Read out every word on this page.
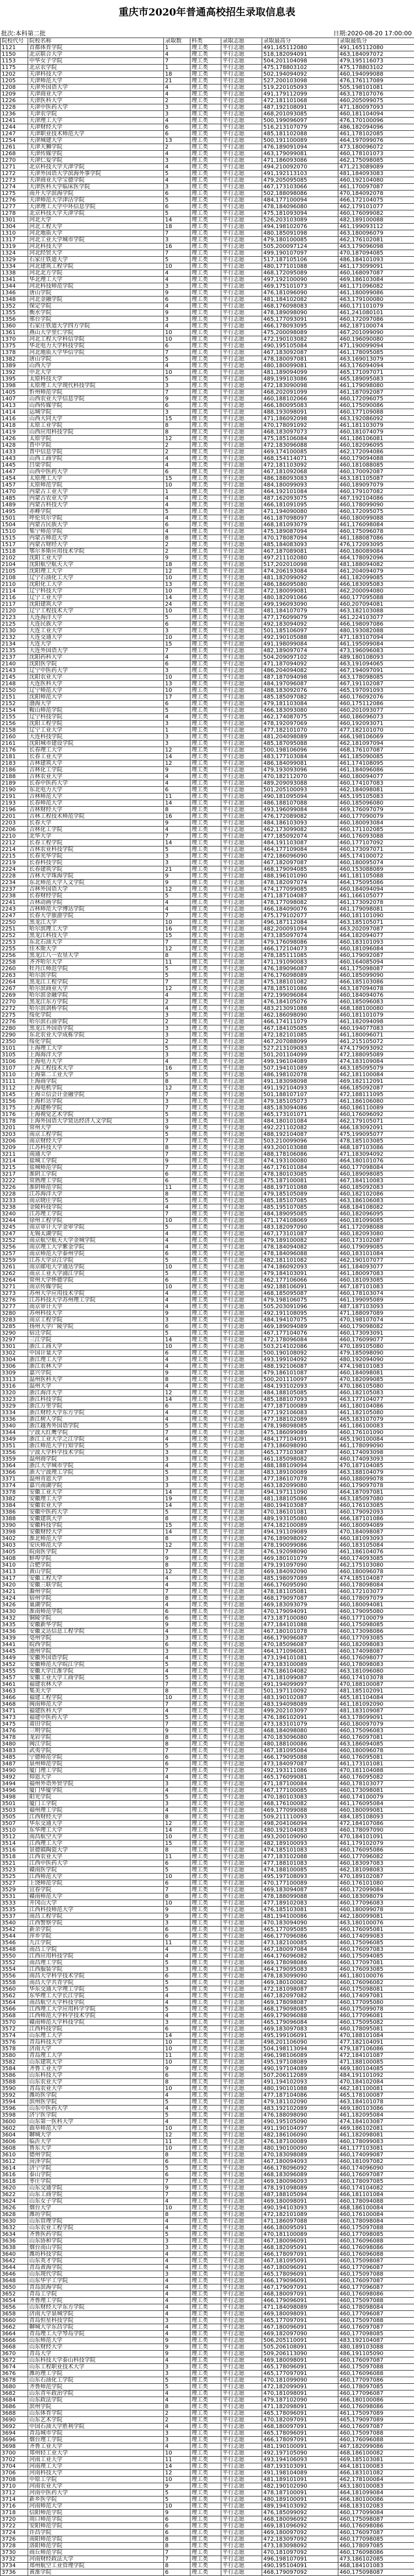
重庆市2020年普通高校招生录取信息表
批次:本科第二批	日期:2020-08-20 17:00:00
院校代号	院校名称	录取数	科类	录取志愿	录取最高分	录取最低分
1121	首都体育学院	1	理工类	平行志愿	491,165112080	491,165112080
1150	北京联合大学	4	理工类	平行志愿	518,182094091	463,184097072
1153	中华女子学院	7	理工类	平行志愿	504,201104098	479,195116073
1175	北京农学院	1	理工类	平行志愿	475,178803102	475,178803102
1202	天津科技大学	18	理工类	平行志愿	502,194094092	460,194099088
1205	天津师范大学	21	理工类	平行志愿	527,200103098	476,176117089
1208	天津外国语大学	4	理工类	平行志愿	519,220105093	505,198101081
1209	天津商业大学	4	理工类	平行志愿	491,179112099	463,178107076
1226	天津医科大学	2	理工类	平行志愿	472,181101068	460,205099075
1228	天津中医药大学	3	理工类	平行志愿	487,192108091	471,180097093
1236	天津农学院	3	理工类	平行志愿	468,201093085	460,181104094
1241	天津理工大学	4	理工类	平行志愿	500,199096097	476,170100096
1244	天津财经大学	6	理工类	平行志愿	516,213107079	486,182094096
1247	天津职业技术师范大学	6	理工类	平行志愿	485,181102088	461,178102085
1254	天津城建大学	13	理工类	平行志愿	500,191100089	464,197099076
1261	天津天狮学院	2	理工类	平行志愿	476,189091094	473,180096072
1268	天津传媒学院	4	理工类	平行志愿	463,179099081	460,178101073
1270	天津仁爱学院	3	理工类	平行志愿	471,186093086	462,175098085
1271	北京科技大学天津学院	4	理工类	平行志愿	494,210092070	471,213089089
1272	天津外国语大学滨海外事学院	5	理工类	平行志愿	491,192113103	481,184093083
1273	天津商业大学宝德学院	4	理工类	平行志愿	479,205095085	460,192104080
1274	天津医科大学临床医学院	3	理工类	平行志愿	467,173103066	461,170097087
1275	南开大学滨海学院	6	理工类	平行志愿	502,188098086	470,184092078
1276	天津师范大学津沽学院	5	理工类	平行志愿	484,177100094	466,172104075
1277	天津理工大学中环信息学院	6	理工类	平行志愿	478,184096080	462,179101077
1278	北京科技大学天津学院	5	理工类	平行志愿	475,181093094	460,176099082
1301	河北大学	14	理工类	平行志愿	526,203103089	482,189100088
1304	河北工程大学	18	理工类	平行志愿	494,198102076	461,199093112
1310	河北地质大学	7	理工类	平行志愿	480,185091098	463,180096079
1317	河北工业大学城市学院	3	理工类	平行志愿	479,180100085	462,176102081
1319	河北科技大学	16	理工类	平行志愿	505,200097124	463,179096098
1324	河北经贸大学	7	理工类	平行志愿	499,190107097	470,187094085
1329	石家庄铁道大学	5	理工类	平行志愿	517,187105106	486,184101093
1334	河北建筑工程学院	10	理工类	平行志愿	480,177101088	461,173099091
1338	河北北方学院	4	理工类	平行志愿	468,172095089	460,168097087
1341	华北理工大学	4	理工类	平行志愿	497,192100090	469,186103084
1344	河北科技师范学院	3	理工类	平行志愿	469,175101073	461,171096082
1346	唐山学院	9	理工类	平行志愿	476,181096090	461,180099086
1348	河北金融学院	6	理工类	平行志愿	481,184102082	463,179100080
1352	保定学院	4	理工类	平行志愿	468,176098083	460,171101079
1355	衡水学院	9	理工类	平行志愿	478,189098090	461,241080101
1356	邢台学院	3	理工类	平行志愿	465,177093091	460,172097086
1360	石家庄铁道大学四方学院	4	理工类	平行志愿	466,178093095	462,187100074
1361	燕山大学里仁学院	10	理工类	平行志愿	475,200098089	467,201099090
1370	河北工程大学科信学院	10	理工类	平行志愿	472,190103082	460,196090080
1375	华北电力大学科技学院	6	理工类	平行志愿	490,195105084	471,190099094
1378	河北地质大学华信学院	7	理工类	平行志愿	467,183092087	461,178095085
1382	唐山学院	5	理工类	平行志愿	478,180097081	463,169013079
1389	山西大学	4	理工类	平行志愿	480,180099081	463,176094094
1392	中北大学	10	理工类	平行志愿	481,189094099	465,171097071
1395	太原科技大学	5	理工类	平行志愿	489,199103086	465,189095083
1398	太原理工大学现代科技学院	3	理工类	平行志愿	472,183090098	461,179098080
1405	忻州师范学院	7	理工类	平行志愿	468,202091099	461,187092087
1407	山西农业大学信息学院	9	理工类	平行志愿	460,188102066	460,172096075
1413	山西传媒学院	6	理工类	平行志愿	466,180095083	460,175090086
1414	运城学院	3	理工类	平行志愿	488,193098091	460,177109088
1416	山西大同大学	15	理工类	平行志愿	471,186092098	463,192086092
1418	太原工业学院	8	理工类	平行志愿	470,178091092	461,181103079
1419	山西应用科技学院	8	理工类	平行志愿	468,183097073	460,181074079
1426	太原学院	12	理工类	平行志愿	475,185106084	461,186106081
1428	晋中学院	2	理工类	平行志愿	472,183096088	460,182096095
1433	晋中信息学院	2	理工类	平行志愿	469,174100085	462,172094086
1443	山西工商学院	4	理工类	平行志愿	468,154114071	460,179094088
1445	吕梁学院	4	理工类	平行志愿	472,181103092	460,181088085
1447	山西中医药大学	6	理工类	平行志愿	467,181092068	460,170092087
1454	太原理工大学	15	理工类	平行志愿	486,188093083	463,181105087
1457	太原师范学院	10	理工类	平行志愿	484,180099093	460,189097079
1470	内蒙古工业大学	1	理工类	平行志愿	464,192101084	460,179107082
1485	内蒙古农业大学	4	理工类	平行志愿	487,162093075	467,192104086
1489	内蒙古科技大学	4	理工类	平行志愿	466,181091095	460,178099090
1495	赤峰学院	5	理工类	平行志愿	471,194090080	460,172095075
1501	呼伦贝尔学院	4	理工类	平行志愿	461,187098097	460,180099088
1504	内蒙古民族大学	6	理工类	平行志愿	468,181093079	461,176098084
1510	集宁师范学院	4	理工类	平行志愿	475,189087094	460,175096078
1515	内蒙古师范大学	8	理工类	平行志愿	470,178087094	461,188087086
1517	内蒙古财经大学	2	理工类	平行志愿	485,184083093	476,172093095
1518	鄂尔多斯应用技术学院	2	理工类	平行志愿	467,187089081	460,180089084
2102	沈阳工业大学	9	理工类	平行志愿	497,211102080	464,178092096
2104	沈阳航空航天大学	18	理工类	平行志愿	517,202010098	481,188094082
2105	沈阳理工大学	12	理工类	平行志愿	474,206193084	461,204094079
2108	辽宁石油化工大学	10	理工类	平行志愿	481,182099092	461,182099085
2110	沈阳化工大学	13	理工类	平行志愿	486,186095080	466,183095083
2114	辽宁科技大学	10	理工类	平行志愿	472,180099081	462,200094080
2116	辽宁工业大学	14	理工类	平行志愿	480,182091066	460,177095088
2117	沈阳建筑大学	24	理工类	平行志愿	499,196093090	460,207094081
2120	辽宁工程技术大学	10	理工类	平行志愿	481,184107079	463,182103088
2123	大连海洋大学	5	理工类	平行志愿	477,176099079	461,224103077
2125	大连民族大学	6	理工类	平行志愿	492,183094092	466,198097086
2130	大连工业大学	3	理工类	平行志愿	501,185106097	480,193082088
2132	大连交通大学	10	理工类	平行志愿	492,190105088	471,183107094
2134	大连大学	15	理工类	平行志愿	491,198099084	461,195099084
2135	大连外国语大学	7	理工类	平行志愿	482,189097074	473,196096083
2137	沈阳药科大学	4	理工类	平行志愿	504,209097102	489,180108093
2140	沈阳医学院	6	理工类	平行志愿	471,187094092	463,191094065
2143	辽宁中医药大学	3	理工类	平行志愿	486,204094082	467,194097091
2145	沈阳农业大学	10	理工类	平行志愿	487,187094098	463,178098085
2148	大连医科大学	13	理工类	平行志愿	484,197096087	467,191102087
2150	辽宁师范大学	10	理工类	平行志愿	488,183092076	465,197091093
2151	沈阳师范大学	17	理工类	平行志愿	485,185097082	460,176092076
2152	渤海大学	6	理工类	平行志愿	479,181103084	460,175112086
2154	鞍山师范学院	5	理工类	平行志愿	466,183093080	460,201093077
2155	辽宁科技学院	4	理工类	平行志愿	462,174087075	460,186096073
2156	沈阳工程学院	3	理工类	平行志愿	478,192097069	460,192093071
2158	辽宁工业大学	1	理工类	平行志愿	477,182101070	477,182101070
2160	大连科技学院	3	理工类	平行志愿	481,204098089	466,198106069
2161	沈阳城市建设学院	3	理工类	平行志愿	485,187095088	462,181097094
2176	长春理工大学	12	理工类	平行志愿	500,198106096	468,176107087
2181	长春工业大学	14	理工类	平行志愿	483,177103084	461,185090085
2183	吉林建筑大学	12	理工类	平行志愿	486,184099081	461,174108095
2186	吉林化工学院	9	理工类	平行志愿	479,193093096	461,184096086
2188	吉林农业大学	4	理工类	平行志愿	470,182112070	460,180094077
2189	长春中医药大学	4	理工类	平行志愿	489,209093088	460,174107083
2190	东北电力大学	6	理工类	平行志愿	501,205100093	462,184098081
2191	吉林师范大学	11	理工类	平行志愿	490,181095094	465,195105083
2193	长春师范大学	14	理工类	平行志愿	486,188107088	460,185096080
2196	吉林财经大学	8	理工类	平行志愿	493,196099084	469,176097079
2201	吉林工程技术师范学院	16	理工类	平行志愿	476,172089082	460,177090079
2203	长春大学	9	理工类	平行志愿	484,186103093	460,180093084
2206	吉林化工学院	4	理工类	平行志愿	462,173099082	460,171102085
2210	北华大学	7	理工类	平行志愿	477,185092074	460,176093088
2212	长春工程学院	14	理工类	平行志愿	484,191103087	460,177107092
2214	吉林农业科技学院	5	理工类	平行志愿	464,177109084	460,173097071
2215	长春光华学院	3	理工类	平行志愿	472,186096090	465,174100072
2219	长春科技学院	3	理工类	平行志愿	467,182097087	460,180095074
2224	长春建筑学院	21	理工类	平行志愿	468,179094085	460,153088089
2228	吉林大学珠海学院	9	理工类	平行志愿	488,196101090	461,181105088
2234	东北师范大学人文学院	9	理工类	平行志愿	478,182097074	464,175095086
2237	吉林外国语大学	12	理工类	平行志愿	474,177099085	460,184094094
2238	长春财经学院	5	理工类	平行志愿	471,187104087	461,166105077
2241	吉林动画学院	4	理工类	平行志愿	478,177098082	461,173092078
2243	吉林师范大学博达学院	4	理工类	平行志愿	466,184090076	461,179098081
2247	长春大学旅游学院	7	理工类	平行志愿	475,179102077	460,181101090
2250	黑龙江大学	10	理工类	平行志愿	496,187112084	463,185105071
2251	哈尔滨理工大学	16	理工类	平行志愿	482,200091094	463,202097087
2252	黑龙江科技大学	15	理工类	平行志愿	473,185097074	464,182094077
2253	东北石油大学	7	理工类	平行志愿	479,176098086	460,183101093
2255	佳木斯大学	12	理工类	平行志愿	466,172104073	460,181096084
2256	黑龙江八一农垦大学	8	理工类	平行志愿	478,185111085	460,179092087
2258	齐齐哈尔大学	11	理工类	平行志愿	471,191090083	460,164085094
2260	牡丹江师范学院	5	理工类	平行志愿	476,189096087	461,175098087
2263	哈尔滨学院	5	理工类	平行志愿	476,176098089	460,185099090
2264	黑龙江工程学院	7	理工类	平行志愿	475,188101082	466,185103086
2267	哈尔滨商业大学	12	理工类	平行志愿	478,185101086	463,187094078
2269	哈尔滨金融学院	4	理工类	平行志愿	472,199096084	460,184094076
2270	黑龙江东方学院	2	理工类	平行志愿	476,184105076	460,185096083
2272	哈尔滨剑桥学院	4	理工类	平行志愿	483,213091088	468,188100080
2275	绥化学院	3	理工类	平行志愿	462,186098090	460,181101079
2276	哈尔滨石油学院	2	理工类	平行志愿	466,174111079	461,182094098
2280	黑龙江外国语学院	3	理工类	平行志愿	467,184105085	460,194077083
2290	东北农业大学成栋学院	3	理工类	平行志愿	472,182101085	461,180096071
2350	绥化学院	2	理工类	平行志愿	467,207088099	461,215105072
3101	上海理工大学	5	理工类	平行志愿	527,213109083	474,179093092
3105	上海海洋大学	3	理工类	平行志愿	501,201104099	472,188095089
3106	上海电力大学	4	理工类	平行志愿	499,196104089	474,183109084
3107	上海工程技术大学	16	理工类	平行志愿	507,194101089	463,185095079
3110	上海第二工业大学	5	理工类	平行志愿	486,198102078	462,181100084
3111	上海商学院	8	理工类	平行志愿	491,183098098	469,182112091
3112	上海电机学院	12	理工类	平行志愿	491,192104093	466,185092087
3145	上海立信会计金融学院	7	理工类	平行志愿	501,188107107	472,188111095
3156	上海杉达学院	3	理工类	平行志愿	479,185105073	461,186106080
3175	上海建桥学院	7	理工类	平行志愿	485,183094086	460,186110089
3176	上海视觉艺术学院	5	理工类	平行志愿	465,173101071	460,176096092
3178	上海外国语大学贤达经济人文学院	3	理工类	平行志愿	484,180101084	462,179105071
3201	常州大学	9	理工类	平行志愿	492,221102082	466,183092091
3203	南京工程学院	5	理工类	平行志愿	488,192104087	475,199095077
3206	南京财经大学	7	理工类	平行志愿	503,210099096	478,185103085
3209	江苏科技大学	8	理工类	平行志愿	493,200103088	468,187103086
3211	南通大学	7	理工类	平行志愿	488,178106086	471,183094092
3214	盐城工学院	9	理工类	平行志愿	474,193100080	464,180101076
3215	盐城师范学院	7	理工类	平行志愿	467,176101084	460,177098084
3217	淮阴工学院	6	理工类	平行志愿	478,180103085	460,189098085
3222	常熟理工学院	6	理工类	平行志愿	475,187100081	467,184110083
3226	淮阴师范学院	11	理工类	平行志愿	488,197101088	460,185092083
3228	江苏海洋大学	8	理工类	平行志愿	479,185105089	460,182102086
3233	南京晓庄学院	5	理工类	平行志愿	485,185107085	463,186106083
3238	金陵科技学院	4	理工类	平行志愿	485,195107085	468,184108082
3240	江苏理工学院	7	理工类	平行志愿	484,189095085	460,182096095
3244	徐州工程学院	10	理工类	平行志愿	471,174108069	460,181099085
3245	南京审计大学金审学院	5	理工类	平行志愿	483,182097090	461,172098088
3247	无锡太湖学院	4	理工类	平行志愿	467,173101087	460,182093080
3252	南京航空航天大学金城学院	4	理工类	平行志愿	479,189100082	460,173102087
3256	南京理工大学紫金学院	4	理工类	平行志愿	478,184094082	460,179099085
3257	南京师范大学泰州学院	6	理工类	平行志愿	478,184096088	460,183101084
3259	江苏大学京江学院	5	理工类	平行志愿	482,181101082	462,190107077
3261	南京邮电大学通达学院	10	理工类	平行志愿	474,186092093	461,184093077
3262	南京工业大学浦江学院	5	理工类	平行志愿	479,184103091	461,180097083
3264	常州大学怀德学院	6	理工类	平行志愿	462,177106066	460,181093085
3271	南京传媒学院	10	理工类	平行志愿	492,188106091	467,187101083
3273	苏州大学应用技术学院	4	理工类	平行志愿	468,185095087	460,178103074
3276	江苏科技大学苏州理工学院	4	理工类	平行志愿	479,198106075	461,199095089
3277	南京审计大学	4	理工类	平行志愿	505,203091096	487,187103093
3280	苏州科技大学	9	理工类	平行志愿	492,191108095	471,188097089
3283	南京工程学院	3	理工类	平行志愿	484,194107075	470,198107074
3285	扬州大学广陵学院	6	理工类	平行志愿	469,189094089	460,179098082
3290	宿迁学院	5	理工类	平行志愿	467,177104076	460,173093091
3297	三江学院	14	理工类	平行志愿	472,178096084	460,176099077
3301	浙江工商大学	10	理工类	平行志愿	503,214102086	470,189105080
3302	中国计量大学	6	理工类	平行志愿	500,190108092	479,185098090
3304	浙江理工大学	4	理工类	平行志愿	493,199104092	480,192094090
3306	浙江农林大学	4	理工类	平行志愿	488,192106087	474,198101083
3309	嘉兴学院	9	理工类	平行志愿	479,186101087	460,184098081
3313	温州医科大学	8	理工类	平行志愿	500,201110097	470,182099085
3316	温州大学	4	理工类	平行志愿	484,193102093	470,186105080
3320	浙江海洋大学	12	理工类	平行志愿	484,188105085	460,182105083
3323	浙江科技学院	14	理工类	平行志愿	485,188107093	463,177104077
3329	浙江万里学院	6	理工类	平行志愿	477,187100089	461,180104086
3334	浙江财经大学东方学院	4	理工类	平行志愿	477,192106083	461,182105080
3336	浙江树人学院	4	理工类	平行志愿	477,188102089	465,183107079
3340	浙江越秀外国语学院	5	理工类	平行志愿	478,198098085	461,186100083
3344	宁波大红鹰学院	7	理工类	平行志愿	475,186099089	460,176101090
3349	浙江工业大学之江学院	4	理工类	平行志愿	484,177104091	465,190100084
3351	浙江师范大学行知学院	5	理工类	平行志愿	473,186098090	461,178099090
3356	宁波大学科学技术学院	3	理工类	平行志愿	465,177103087	460,174093098
3359	温州商学院	3	理工类	平行志愿	461,185098082	460,174093093
3364	浙江大学城市学院	4	理工类	平行志愿	488,188109094	470,187104085
3366	浙大宁波理工学院	5	理工类	平行志愿	483,189100089	463,188104079
3371	温州肯恩大学	3	理工类	平行志愿	477,186107078	460,188099078
3374	嘉兴南湖学院	3	理工类	平行志愿	463,182099080	460,179097078
3378	安徽工业大学	14	理工类	平行志愿	494,197111090	464,187097081
3382	安徽理工大学	19	理工类	平行志愿	481,188105086	463,185097080
3384	安徽农业大学	14	理工类	平行志愿	480,194103087	460,176103085
3386	安徽中医药大学	5	理工类	平行志愿	470,186101081	460,179092093
3388	安徽建筑大学	8	理工类	平行志愿	489,193105080	466,187101086
3390	安徽科技学院	15	理工类	平行志愿	474,182100089	460,180094089
3398	安徽财经大学	14	理工类	平行志愿	494,191109089	470,184098087
3402	淮北师范大学	8	理工类	平行志愿	476,189098092	460,181093093
3403	安庆师范大学	12	理工类	平行志愿	478,190099086	460,183105084
3405	皖南医学院	7	理工类	平行志愿	476,192098090	461,186104076
3408	蚌埠学院	9	理工类	平行志愿	469,180101079	460,174093085
3410	合肥学院	8	理工类	平行志愿	479,191097090	462,175103080
3413	黄山学院	12	理工类	平行志愿	469,184092090	460,180096078
3417	安徽工程大学	4	理工类	平行志愿	485,198097089	474,185104087
3420	安徽三联学院	4	理工类	平行志愿	466,176095090	460,178098084
3421	滁州学院	7	理工类	平行志愿	478,181105081	460,172103077
3424	宿州学院	8	理工类	平行志愿	468,179097087	460,178097079
3426	巢湖学院	4	理工类	平行志愿	469,183093079	460,180094081
3430	淮南师范学院	6	理工类	平行志愿	470,179094091	460,179095080
3432	铜陵学院	6	理工类	平行志愿	473,187100080	460,177100079
3435	安徽新华学院	9	理工类	平行志愿	477,184101088	460,175098085
3436	安徽文达信息工程学院	4	理工类	平行志愿	467,180101078	460,173098086
3439	亳州学院	3	理工类	平行志愿	466,179096087	460,177093085
3441	皖西学院	6	理工类	平行志愿	470,185096087	460,182098083
3445	池州学院	3	理工类	平行志愿	464,171096081	460,174098087
3449	安徽外国语学院	4	理工类	平行志愿	473,194101081	460,176098077
3452	安徽师范大学皖江学院	5	理工类	平行志愿	473,183100089	460,178098083
3455	安徽大学江淮学院	4	理工类	平行志愿	476,186104082	463,181096080
3457	安徽工业大学工商学院	5	理工类	平行志愿	471,181099087	460,174103078
3461	福建农林大学	7	理工类	平行志愿	491,194099097	470,188100087
3463	集美大学	8	理工类	平行志愿	501,197110092	481,185102091
3466	福建工程学院	10	理工类	平行志愿	483,190102087	465,181104084
3468	闽南师范大学	7	理工类	平行志愿	483,194098089	461,181092090
3471	福建医科大学	4	理工类	平行志愿	499,202103097	481,183109087
3473	福建中医药大学	5	理工类	平行志愿	476,186102091	463,178099091
3475	莆田学院	7	理工类	平行志愿	473,183101079	460,180097079
3476	三明学院	9	理工类	平行志愿	468,184098080	460,175096083
3478	龙岩学院	8	理工类	平行志愿	470,183096080	460,176097081
3480	闽江学院	8	理工类	平行志愿	480,188100086	463,186094085
3483	武夷学院	7	理工类	平行志愿	467,181095084	460,180096078
3485	宁德师范学院	6	理工类	平行志愿	466,179095088	460,176095081
3487	泉州师范学院	6	理工类	平行志愿	473,184097087	461,173101081
3490	厦门理工学院	7	理工类	平行志愿	492,193111086	470,181104088
3492	仰恩大学	4	理工类	平行志愿	465,176099081	460,176095082
3494	福州外语外贸学院	3	理工类	平行志愿	471,187100084	460,178103077
3496	厦门华厦学院	4	理工类	平行志愿	467,177100085	460,173098081
3498	阳光学院	5	理工类	平行志愿	470,180103083	460,174100079
3501	厦门工学院	3	理工类	平行志愿	468,176100082	461,176095084
3503	福州理工学院	4	理工类	平行志愿	469,177099088	460,180099081
3505	江西财经大学	8	理工类	平行志愿	509,211110093	484,185108093
3507	华东交通大学	12	理工类	平行志愿	498,204106094	472,184107086
3510	东华理工大学	14	理工类	平行志愿	480,192104083	460,178097090
3512	南昌航空大学	10	理工类	平行志愿	493,200109090	470,184101091
3514	江西理工大学	15	理工类	平行志愿	482,189100093	461,179102079
3516	景德镇陶瓷大学	8	理工类	平行志愿	474,185101083	460,176095086
3518	江西农业大学	11	理工类	平行志愿	477,183102088	460,177096082
3521	江西中医药大学	6	理工类	平行志愿	477,188101083	460,183097083
3523	赣南医学院	5	理工类	平行志愿	474,188100085	462,181098083
3525	江西师范大学	10	理工类	平行志愿	495,197108093	470,189102087
3527	上饶师范学院	6	理工类	平行志愿	470,177100089	460,176101080
3529	宜春学院	7	理工类	平行志愿	469,183094087	460,172099084
3531	赣南师范大学	8	理工类	平行志愿	478,188099088	460,183098079
3533	井冈山大学	10	理工类	平行志愿	477,189102083	460,177096083
3535	江西科技师范大学	9	理工类	平行志愿	476,185103081	460,180099078
3537	南昌工程学院	9	理工类	平行志愿	481,194100086	462,180099081
3540	江西警察学院	3	理工类	平行志愿	470,183094090	463,180100076
3542	新余学院	6	理工类	平行志愿	465,177095085	460,176095081
3544	萍乡学院	6	理工类	平行志愿	466,177096086	460,174099083
3546	九江学院	11	理工类	平行志愿	473,182100085	460,175096085
3548	南昌工学院	4	理工类	平行志愿	467,180097084	460,176097083
3550	江西应用科技学院	4	理工类	平行志愿	464,176096082	460,175094085
3552	南昌理工学院	5	理工类	平行志愿	469,178098086	460,177097081
3554	江西服装学院	3	理工类	平行志愿	464,179095083	460,176093085
3556	南昌大学科学技术学院	6	理工类	平行志愿	478,183099090	461,180100076
3558	南昌大学共青学院	5	理工类	平行志愿	469,180100082	460,176096082
3560	华东交通大学理工学院	5	理工类	平行志愿	472,181098087	460,175098081
3562	东华理工大学长江学院	4	理工类	平行志愿	467,182097082	460,174097081
3564	南昌航空大学科技学院	4	理工类	平行志愿	469,178098087	460,177095080
3566	江西理工大学应用科学学院	5	理工类	平行志愿	468,179098085	460,175099078
3568	江西师范大学科学技术学院	4	理工类	平行志愿	469,179096088	460,177096081
3570	赣南师范大学科技学院	3	理工类	平行志愿	465,179096084	460,175095082
3572	江西科技学院	6	理工类	平行志愿	469,183097083	460,178095081
3574	山东理工大学	14	理工类	平行志愿	495,199106091	470,188101084
3576	青岛科技大学	10	理工类	平行志愿	498,201106090	477,182104091
3578	济南大学	10	理工类	平行志愿	504,198113094	479,187106086
3580	青岛理工大学	11	理工类	平行志愿	496,198106089	472,184101087
3582	山东建筑大学	10	理工类	平行志愿	495,197108089	471,188100085
3584	齐鲁工业大学	9	理工类	平行志愿	490,197104089	469,180104085
3586	山东科技大学	6	理工类	平行志愿	507,206112089	484,191101092
3588	山东农业大学	8	理工类	平行志愿	491,194102093	470,184102084
3590	青岛农业大学	10	理工类	平行志愿	480,190101088	462,181100081
3592	潍坊医学院	4	理工类	平行志愿	477,187104086	465,178100087
3594	滨州医学院	5	理工类	平行志愿	479,181102090	463,184101078
3596	山东中医药大学	4	理工类	平行志愿	483,192102089	469,180103086
3598	济宁医学院	5	理工类	平行志愿	476,188098090	461,182095084
3600	山东第一医科大学	4	理工类	平行志愿	490,195105090	474,184103087
3602	曲阜师范大学	10	理工类	平行志愿	491,190104097	469,186102081
3604	聊城大学	12	理工类	平行志愿	482,186106090	461,182098081
3606	临沂大学	11	理工类	平行志愿	476,187100089	460,178099083
3608	鲁东大学	10	理工类	平行志愿	480,190100090	461,177103081
3610	德州学院	8	理工类	平行志愿	470,183098089	460,174099087
3612	菏泽学院	6	理工类	平行志愿	467,180094093	460,181097082
3614	济宁学院	5	理工类	平行志愿	466,178096092	460,174096090
3616	泰山学院	6	理工类	平行志愿	468,183096089	460,176097087
3618	枣庄学院	7	理工类	平行志愿	469,180096093	460,178097085
3620	山东交通学院	9	理工类	平行志愿	478,191098089	460,174104082
3622	山东工商学院	7	理工类	平行志愿	487,188105094	466,181101084
3624	山东女子学院	4	理工类	平行志愿	469,180098091	460,178094088
3626	烟台大学	10	理工类	平行志愿	490,194103093	468,186100084
3628	潍坊学院	8	理工类	平行志愿	472,182101089	460,176100084
3630	山东管理学院	4	理工类	平行志愿	471,186097088	460,178098084
3632	山东农业工程学院	4	理工类	平行志愿	466,180095091	460,175097088
3634	齐鲁医药学院	5	理工类	平行志愿	470,181100089	460,177098085
3636	山东协和学院	3	理工类	平行志愿	467,180096091	460,176096088
3638	烟台南山学院	3	理工类	平行志愿	468,182095091	460,176098086
3640	潍坊科技学院	4	理工类	平行志愿	466,178097091	460,176096088
3642	山东英才学院	4	理工类	平行志愿	467,181095091	460,175098087
3644	青岛黄海学院	4	理工类	平行志愿	467,180096091	460,177096087
3646	山东现代学院	3	理工类	平行志愿	465,178096091	460,175097088
3648	山东华宇工学院	4	理工类	平行志愿	466,179096091	460,176097087
3650	青岛滨海学院	4	理工类	平行志愿	467,179097091	460,177096087
3652	青岛工学院	4	理工类	平行志愿	468,180097091	460,176098086
3654	齐鲁理工学院	4	理工类	平行志愿	466,179096091	460,175097088
3656	山东财经大学东方学院	4	理工类	平行志愿	471,184098089	460,178098084
3658	济南大学泉城学院	4	理工类	平行志愿	469,180098091	460,177096087
3660	青岛恒星科技学院	3	理工类	平行志愿	465,177097091	460,175097088
3662	聊城大学东昌学院	4	理工类	平行志愿	467,180096091	460,176097087
3664	青岛理工大学琴岛学院	4	理工类	平行志愿	469,182097090	460,177098085
3666	山东师范大学	9	理工类	平行志愿	506,205110091	483,192104087
3668	山东财经大学	9	理工类	平行志愿	505,206108091	480,189103088
3670	青岛大学	9	理工类	平行志愿	509,206113090	486,191105090
3672	山东科技大学泰山科技学院	4	理工类	平行志愿	469,180098091	460,176097087
3674	山东工程职业技术大学	3	理工类	平行志愿	465,178096091	460,175097088
3676	潍坊理工学院	3	理工类	平行志愿	465,177097091	460,176096088
3678	山东石油化工学院	5	理工类	平行志愿	470,181099090	460,177097086
3680	齐鲁师范学院	5	理工类	平行志愿	472,182099091	460,178097085
3682	山东青年政治学院	4	理工类	平行志愿	470,181098091	460,177096087
3684	山东政法学院	4	理工类	平行志愿	479,187102090	466,180100086
3686	滨州学院	8	理工类	平行志愿	471,182098091	460,176098086
3688	山东体育学院	2	理工类	平行志愿	465,178096091	461,175097089
3690	山东艺术学院	2	理工类	平行志愿	470,182097091	465,179097089
3692	中国石油大学胜利学院	4	理工类	平行志愿	468,180097091	460,176097087
3694	青岛城市学院	3	理工类	平行志愿	465,178096091	460,175097088
3696	烟台理工学院	3	理工类	平行志愿	466,178097091	460,176096088
3698	齐鲁工业大学	4	理工类	平行志愿	481,190100091	467,182099086
3700	郑州轻工业大学	10	理工类	平行志愿	492,197105090	468,186100082
3702	河南工业大学	11	理工类	平行志愿	493,194106093	469,185103081
3704	河南理工大学	14	理工类	平行志愿	487,193103091	464,181100083
3706	河南科技大学	12	理工类	平行志愿	491,198104089	466,183101082
3708	中原工学院	10	理工类	平行志愿	481,189101091	462,178100084
3710	河南农业大学	9	理工类	平行志愿	482,190102090	463,180100083
3712	河南中医药大学	5	理工类	平行志愿	478,187100091	464,181099084
3714	新乡医学院	5	理工类	平行志愿	480,189100091	466,180100086
3716	河南师范大学	10	理工类	平行志愿	489,194103092	468,183102083
3718	信阳师范学院	9	理工类	平行志愿	476,185099092	460,177099084
3720	周口师范学院	6	理工类	平行志愿	468,180096092	460,175098087
3722	安阳师范学院	6	理工类	平行志愿	469,181096092	460,176098086
3724	许昌学院	6	理工类	平行志愿	469,180097092	460,176097087
3726	南阳师范学院	8	理工类	平行志愿	472,183097092	460,177098085
3728	洛阳师范学院	8	理工类	平行志愿	473,183098092	460,178097085
3730	商丘师范学院	7	理工类	平行志愿	470,181097092	460,176098086
3732	河南财经政法大学	7	理工类	平行志愿	496,198107091	473,186102085
3734	郑州航空工业管理学院	8	理工类	平行志愿	490,195104091	468,184101083
3736	黄淮学院	6	理工类	平行志愿	468,179097092	460,175098087
